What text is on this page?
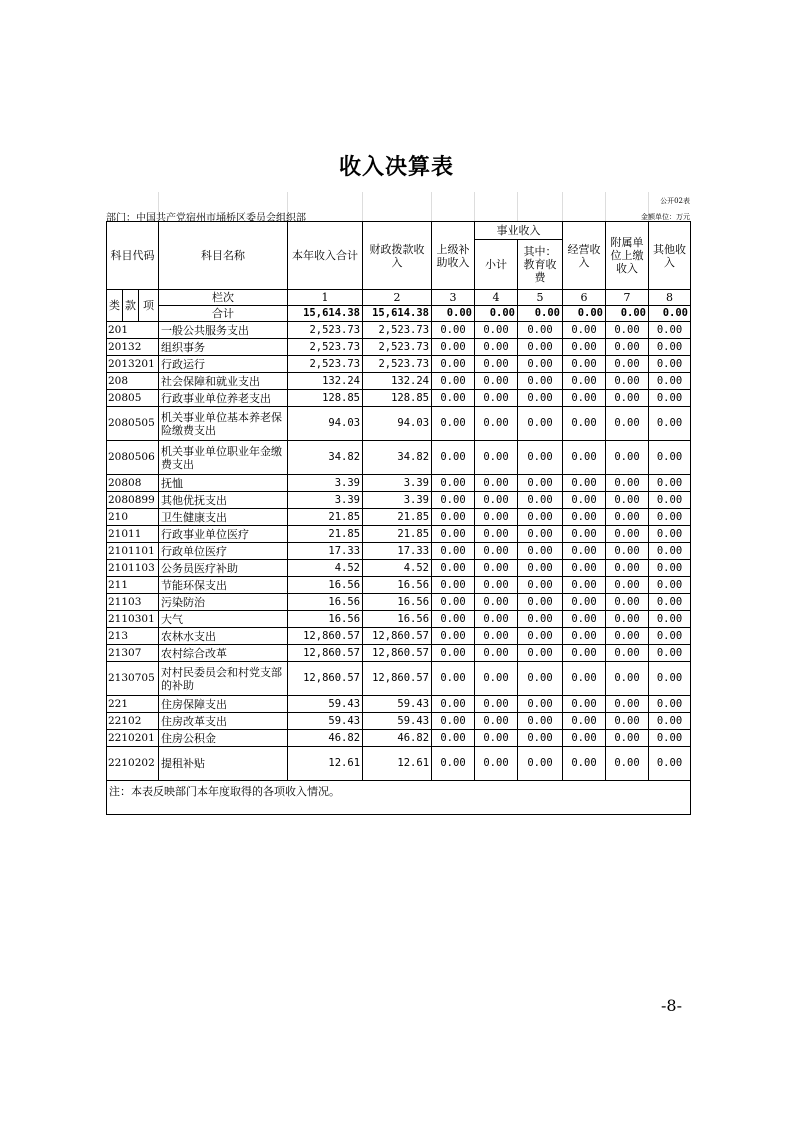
收入决算表
公开02表
部门：中国共产党宿州市埇桥区委员会组织部	金额单位：万元
科目代码			科目名称	本年收入合计	财政拨款收入	上级补助收入	事业收入		经营收入	附属单位上缴收入	其他收入
							小计	其中：教育收费			

类	款	项	栏次	1	2	3	4	5	6	7	8
			合计	15,614.38	15,614.38	0.00	0.00	0.00	0.00	0.00	0.00
201			一般公共服务支出	2,523.73	2,523.73	0.00	0.00	0.00	0.00	0.00	0.00
20132			组织事务	2,523.73	2,523.73	0.00	0.00	0.00	0.00	0.00	0.00
2013201			行政运行	2,523.73	2,523.73	0.00	0.00	0.00	0.00	0.00	0.00
208			社会保障和就业支出	132.24	132.24	0.00	0.00	0.00	0.00	0.00	0.00
20805			行政事业单位养老支出	128.85	128.85	0.00	0.00	0.00	0.00	0.00	0.00
2080505			机关事业单位基本养老保险缴费支出	94.03	94.03	0.00	0.00	0.00	0.00	0.00	0.00
2080506			机关事业单位职业年金缴费支出	34.82	34.82	0.00	0.00	0.00	0.00	0.00	0.00
20808			抚恤	3.39	3.39	0.00	0.00	0.00	0.00	0.00	0.00
2080899			其他优抚支出	3.39	3.39	0.00	0.00	0.00	0.00	0.00	0.00
210			卫生健康支出	21.85	21.85	0.00	0.00	0.00	0.00	0.00	0.00
21011			行政事业单位医疗	21.85	21.85	0.00	0.00	0.00	0.00	0.00	0.00
2101101			行政单位医疗	17.33	17.33	0.00	0.00	0.00	0.00	0.00	0.00
2101103			公务员医疗补助	4.52	4.52	0.00	0.00	0.00	0.00	0.00	0.00
211			节能环保支出	16.56	16.56	0.00	0.00	0.00	0.00	0.00	0.00
21103			污染防治	16.56	16.56	0.00	0.00	0.00	0.00	0.00	0.00
2110301			大气	16.56	16.56	0.00	0.00	0.00	0.00	0.00	0.00
213			农林水支出	12,860.57	12,860.57	0.00	0.00	0.00	0.00	0.00	0.00
21307			农村综合改革	12,860.57	12,860.57	0.00	0.00	0.00	0.00	0.00	0.00
2130705			对村民委员会和村党支部的补助	12,860.57	12,860.57	0.00	0.00	0.00	0.00	0.00	0.00
221			住房保障支出	59.43	59.43	0.00	0.00	0.00	0.00	0.00	0.00
22102			住房改革支出	59.43	59.43	0.00	0.00	0.00	0.00	0.00	0.00
2210201			住房公积金	46.82	46.82	0.00	0.00	0.00	0.00	0.00	0.00
2210202			提租补贴	12.61	12.61	0.00	0.00	0.00	0.00	0.00	0.00
注：本表反映部门本年度取得的各项收入情况。											
-8-
